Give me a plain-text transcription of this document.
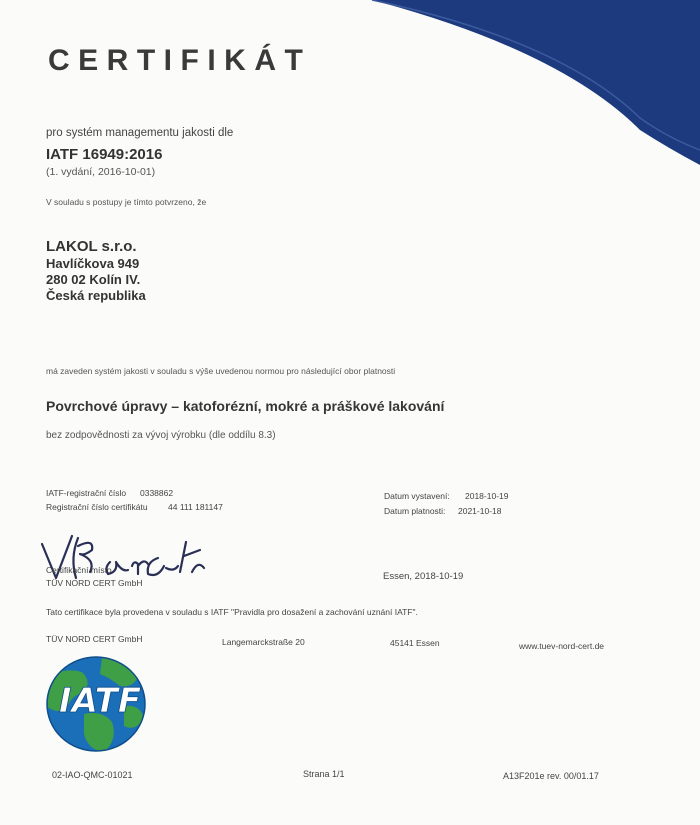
CERTIFIKÁT
pro systém managementu jakosti dle
IATF 16949:2016
(1. vydání, 2016-10-01)
V souladu s postupy je tímto potvrzeno, že
LAKOL s.r.o.
Havlíčkova 949
280 02 Kolín IV.
Česká republika
má zaveden systém jakosti v souladu s výše uvedenou normou pro následující obor platnosti
Povrchové úpravy – katoforézní, mokré a práškové lakování
bez zodpovědnosti za vývoj výrobku (dle oddílu 8.3)
IATF-registrační číslo 0338862
Registrační číslo certifikátu 44 111 181147
Datum vystavení: 2018-10-19
Datum platnosti: 2021-10-18
Certifikační místo
TÜV NORD CERT GmbH
Essen, 2018-10-19
Tato certifikace byla provedena v souladu s IATF "Pravidla pro dosažení a zachování uznání IATF".
TÜV NORD CERT GmbH	Langemarckstraße 20	45141 Essen	www.tuev-nord-cert.de
IATF
02-IAO-QMC-01021	Strana 1/1	A13F201e rev. 00/01.17
